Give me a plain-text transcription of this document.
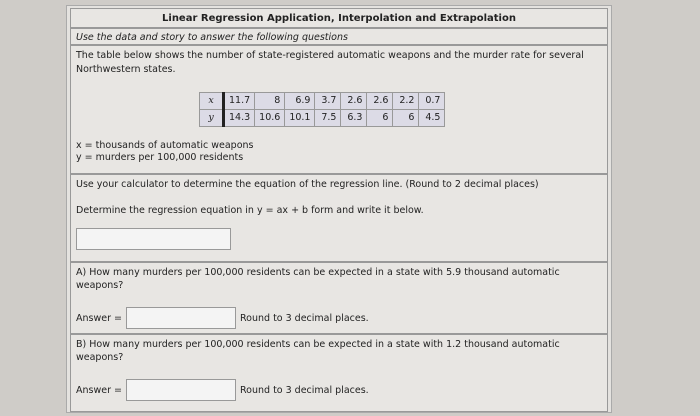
Linear Regression Application, Interpolation and Extrapolation
Use the data and story to answer the following questions
The table below shows the number of state-registered automatic weapons and the murder rate for several Northwestern states.
x	11.7	8	6.9	3.7	2.6	2.6	2.2	0.7
y	14.3	10.6	10.1	7.5	6.3	6	6	4.5
x = thousands of automatic weapons
y = murders per 100,000 residents
Use your calculator to determine the equation of the regression line. (Round to 2 decimal places)
Determine the regression equation in y = ax + b form and write it below.
A) How many murders per 100,000 residents can be expected in a state with 5.9 thousand automatic weapons?
Answer =	Round to 3 decimal places.
B) How many murders per 100,000 residents can be expected in a state with 1.2 thousand automatic weapons?
Answer =	Round to 3 decimal places.
